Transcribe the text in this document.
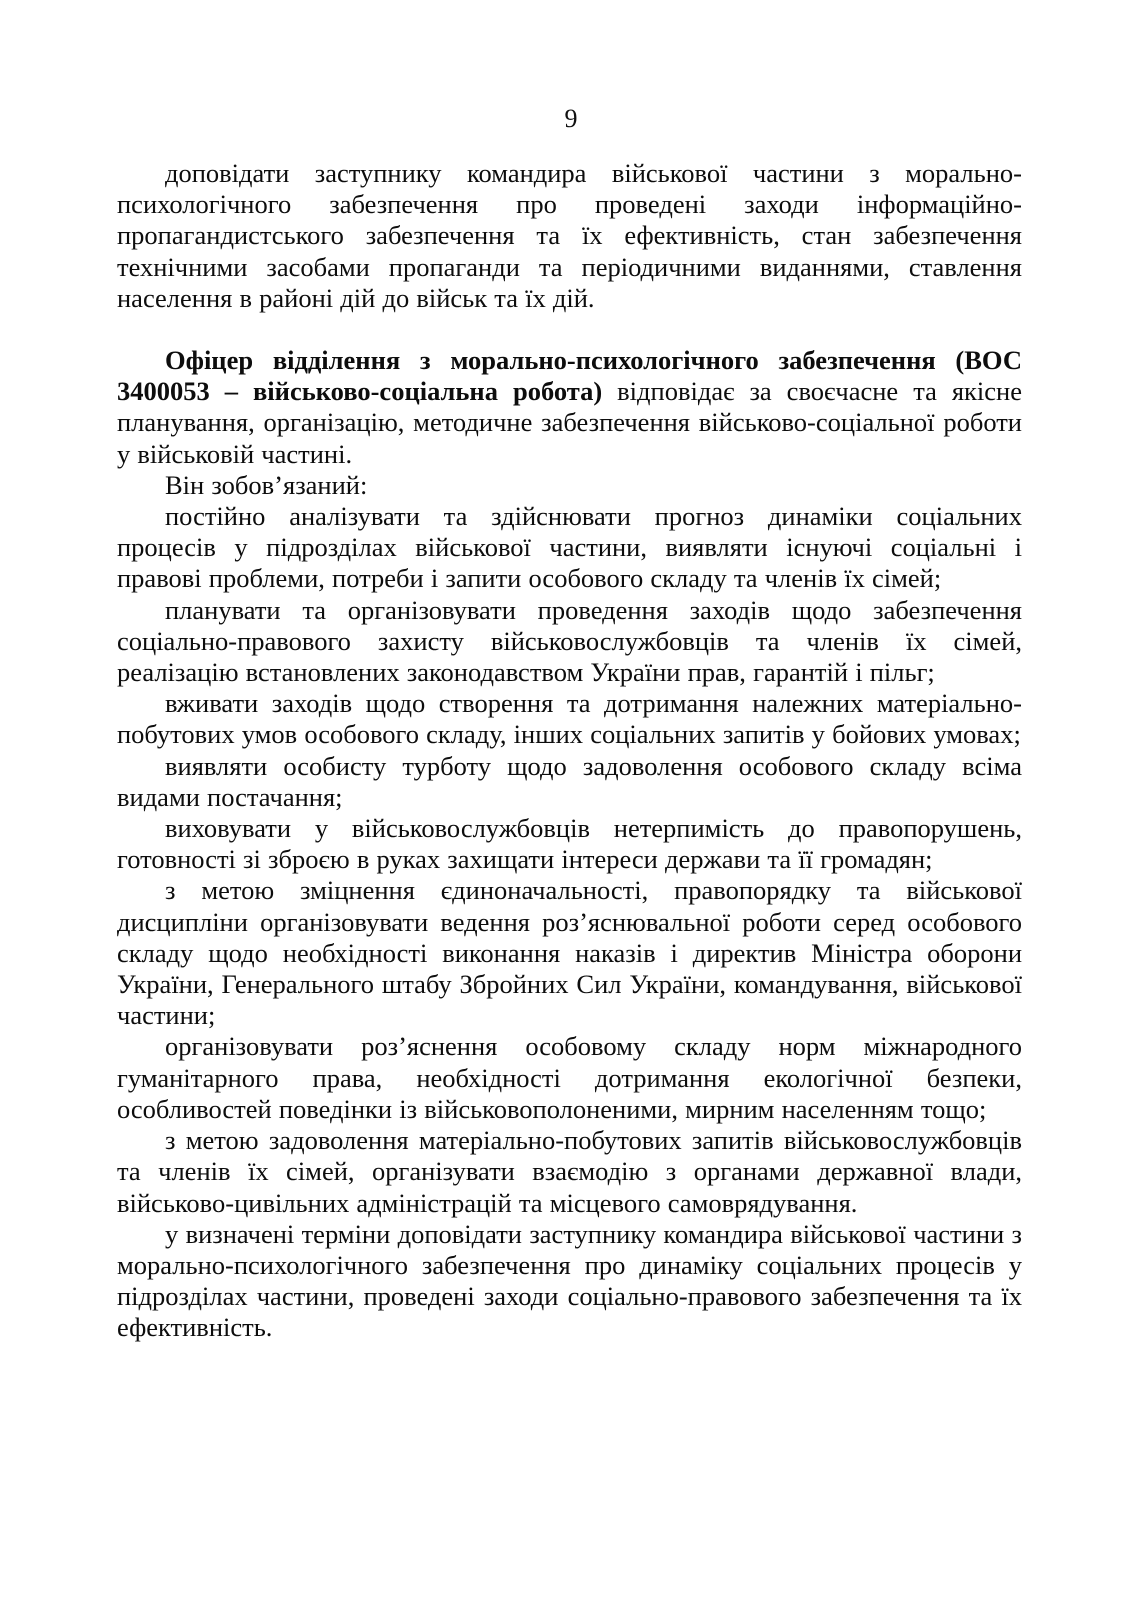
9

доповідати заступнику командира військової частини з морально-психологічного забезпечення про проведені заходи інформаційно-пропагандистського забезпечення та їх ефективність, стан забезпечення технічними засобами пропаганди та періодичними виданнями, ставлення населення в районі дій до військ та їх дій.

Офіцер відділення з морально-психологічного забезпечення (ВОС 3400053 – військово-соціальна робота) відповідає за своєчасне та якісне планування, організацію, методичне забезпечення військово-соціальної роботи у військовій частині.

Він зобов’язаний:

постійно аналізувати та здійснювати прогноз динаміки соціальних процесів у підрозділах військової частини, виявляти існуючі соціальні і правові проблеми, потреби і запити особового складу та членів їх сімей;

планувати та організовувати проведення заходів щодо забезпечення соціально-правового захисту військовослужбовців та членів їх сімей, реалізацію встановлених законодавством України прав, гарантій і пільг;

вживати заходів щодо створення та дотримання належних матеріально-побутових умов особового складу, інших соціальних запитів у бойових умовах;

виявляти особисту турботу щодо задоволення особового складу всіма видами постачання;

виховувати у військовослужбовців нетерпимість до правопорушень, готовності зі зброєю в руках захищати інтереси держави та її громадян;

з метою зміцнення єдиноначальності, правопорядку та військової дисципліни організовувати ведення роз’яснювальної роботи серед особового складу щодо необхідності виконання наказів і директив Міністра оборони України, Генерального штабу Збройних Сил України, командування, військової частини;

організовувати роз’яснення особовому складу норм міжнародного гуманітарного права, необхідності дотримання екологічної безпеки, особливостей поведінки із військовополоненими, мирним населенням тощо;

з метою задоволення матеріально-побутових запитів військовослужбовців та членів їх сімей, організувати взаємодію з органами державної влади, військово-цивільних адміністрацій та місцевого самоврядування.

у визначені терміни доповідати заступнику командира військової частини з морально-психологічного забезпечення про динаміку соціальних процесів у підрозділах частини, проведені заходи соціально-правового забезпечення та їх ефективність.
